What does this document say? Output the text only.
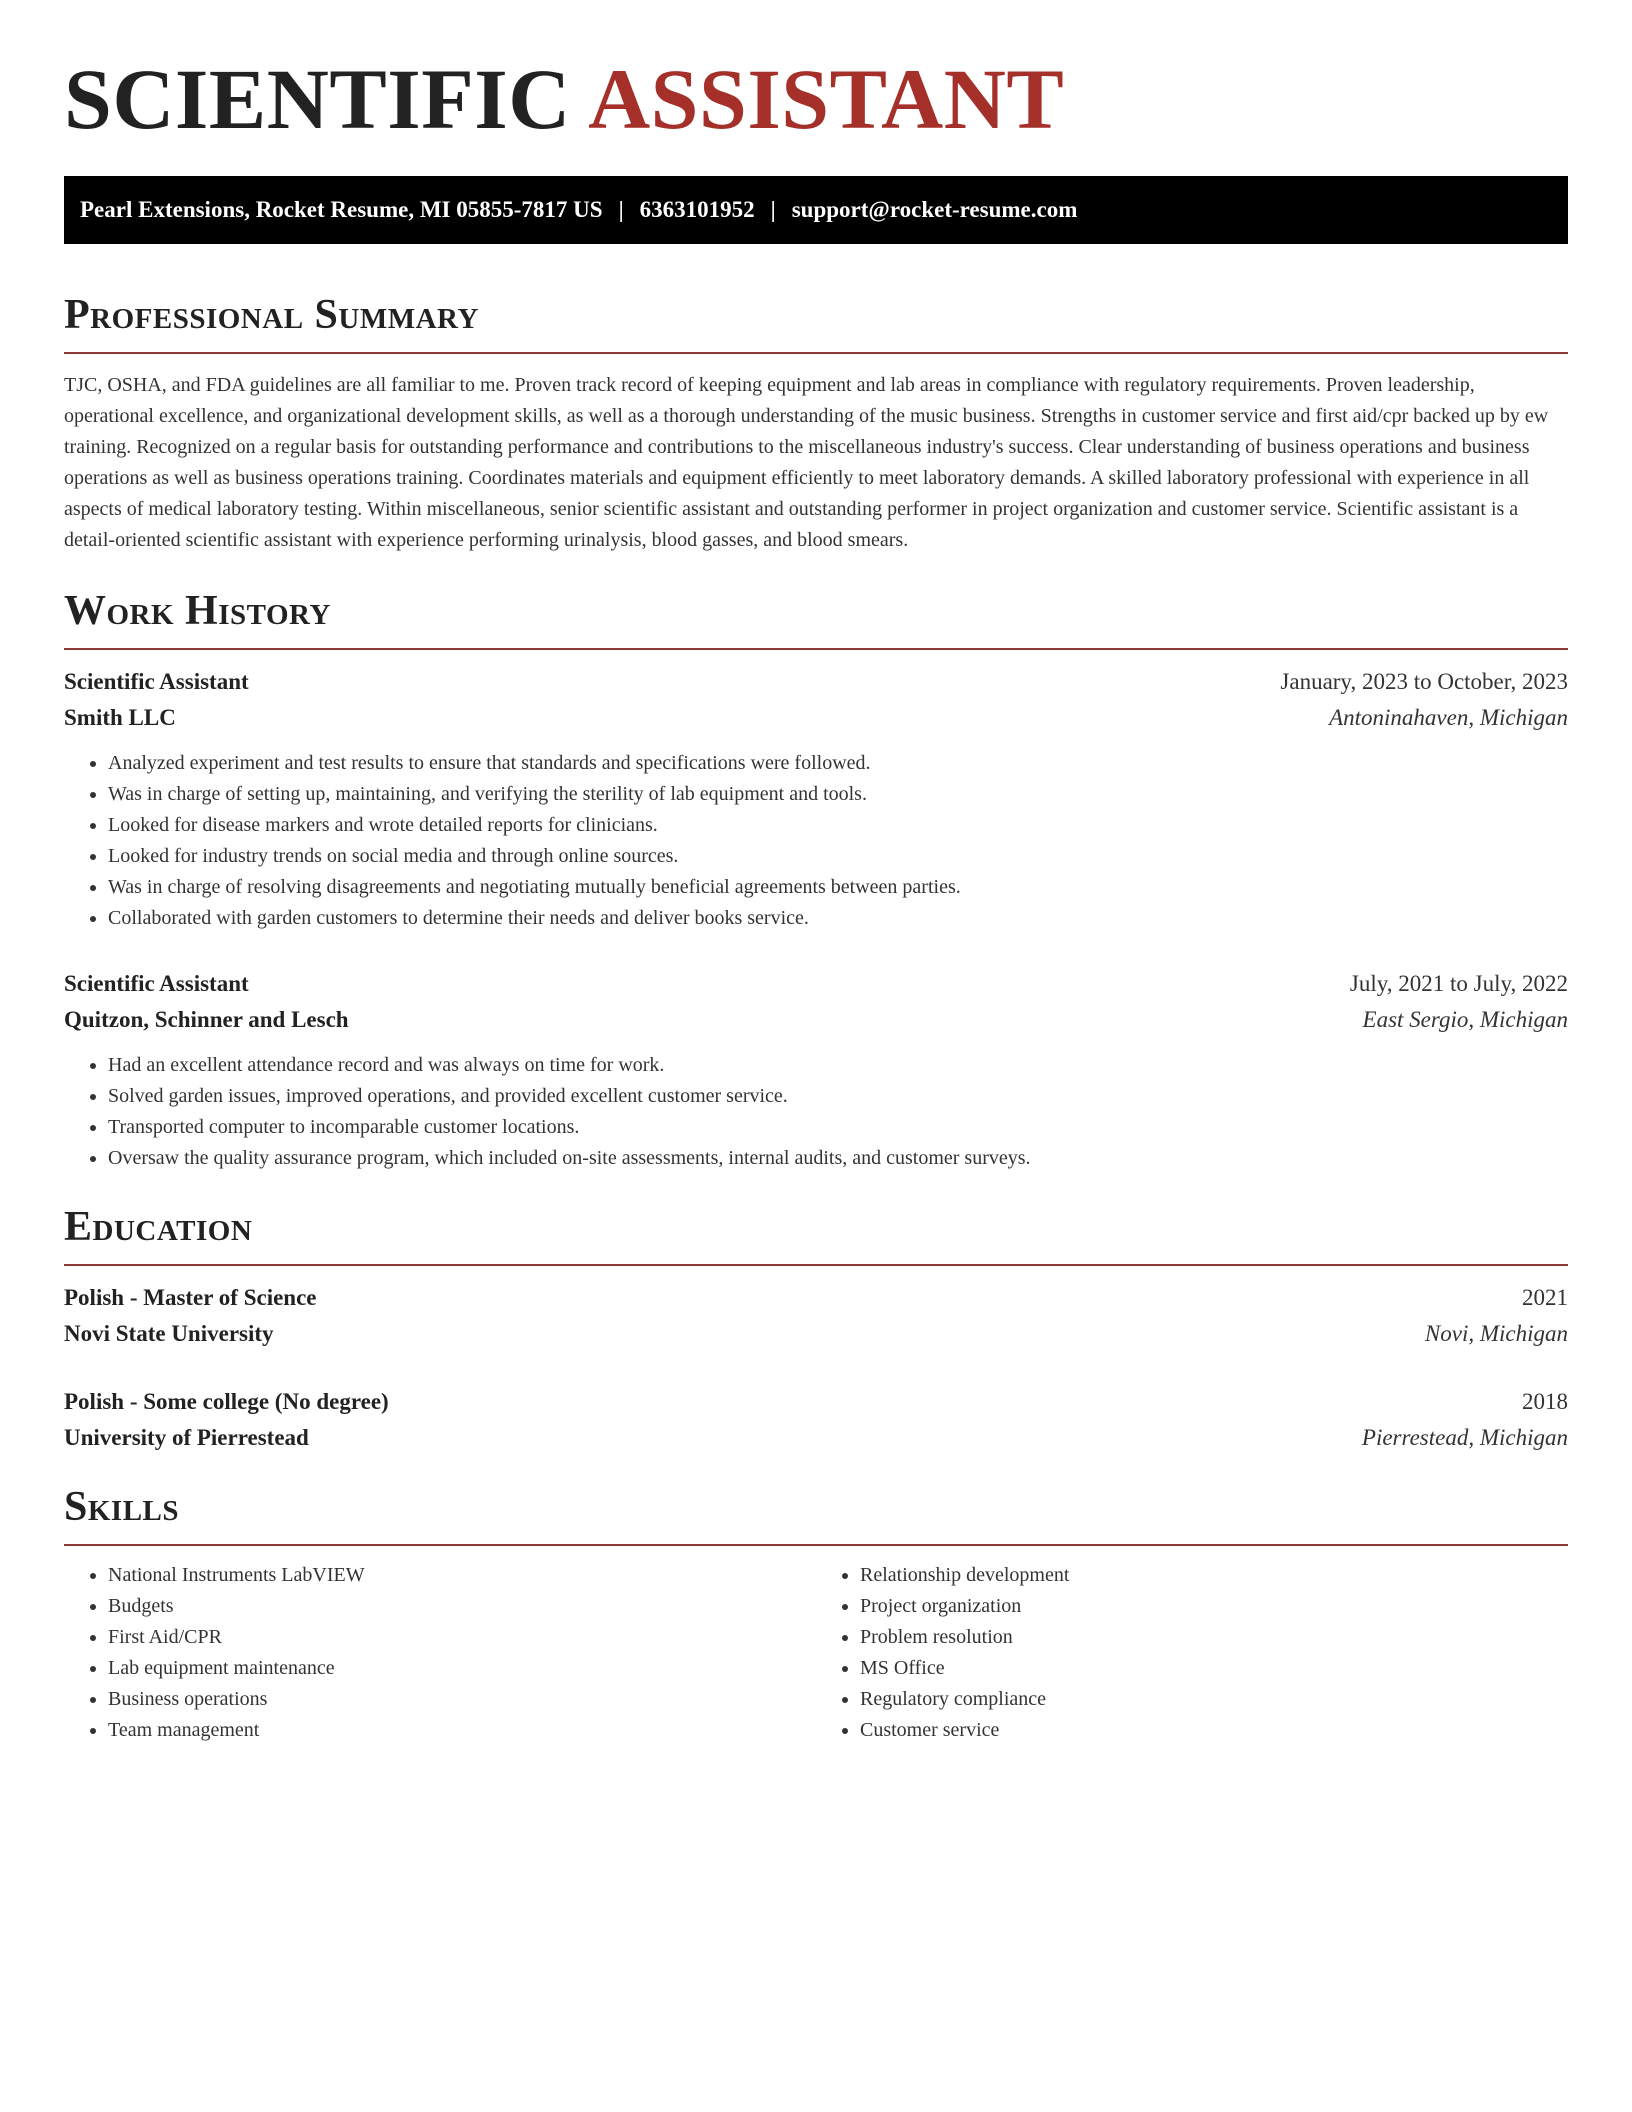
SCIENTIFIC ASSISTANT
Pearl Extensions, Rocket Resume, MI 05855-7817 US | 6363101952 | support@rocket-resume.com
Professional Summary

TJC, OSHA, and FDA guidelines are all familiar to me. Proven track record of keeping equipment and lab areas in compliance with regulatory requirements. Proven leadership, operational excellence, and organizational development skills, as well as a thorough understanding of the music business. Strengths in customer service and first aid/cpr backed up by ew training. Recognized on a regular basis for outstanding performance and contributions to the miscellaneous industry's success. Clear understanding of business operations and business operations as well as business operations training. Coordinates materials and equipment efficiently to meet laboratory demands. A skilled laboratory professional with experience in all aspects of medical laboratory testing. Within miscellaneous, senior scientific assistant and outstanding performer in project organization and customer service. Scientific assistant is a detail-oriented scientific assistant with experience performing urinalysis, blood gasses, and blood smears.

Work History
Scientific Assistant	January, 2023 to October, 2023
Smith LLC	Antoninahaven, Michigan
• Analyzed experiment and test results to ensure that standards and specifications were followed.
• Was in charge of setting up, maintaining, and verifying the sterility of lab equipment and tools.
• Looked for disease markers and wrote detailed reports for clinicians.
• Looked for industry trends on social media and through online sources.
• Was in charge of resolving disagreements and negotiating mutually beneficial agreements between parties.
• Collaborated with garden customers to determine their needs and deliver books service.
Scientific Assistant	July, 2021 to July, 2022
Quitzon, Schinner and Lesch	East Sergio, Michigan
• Had an excellent attendance record and was always on time for work.
• Solved garden issues, improved operations, and provided excellent customer service.
• Transported computer to incomparable customer locations.
• Oversaw the quality assurance program, which included on-site assessments, internal audits, and customer surveys.
Education
Polish - Master of Science	2021
Novi State University	Novi, Michigan
Polish - Some college (No degree)	2018
University of Pierrestead	Pierrestead, Michigan
Skills
• National Instruments LabVIEW
• Budgets
• First Aid/CPR
• Lab equipment maintenance
• Business operations
• Team management
• Relationship development
• Project organization
• Problem resolution
• MS Office
• Regulatory compliance
• Customer service
